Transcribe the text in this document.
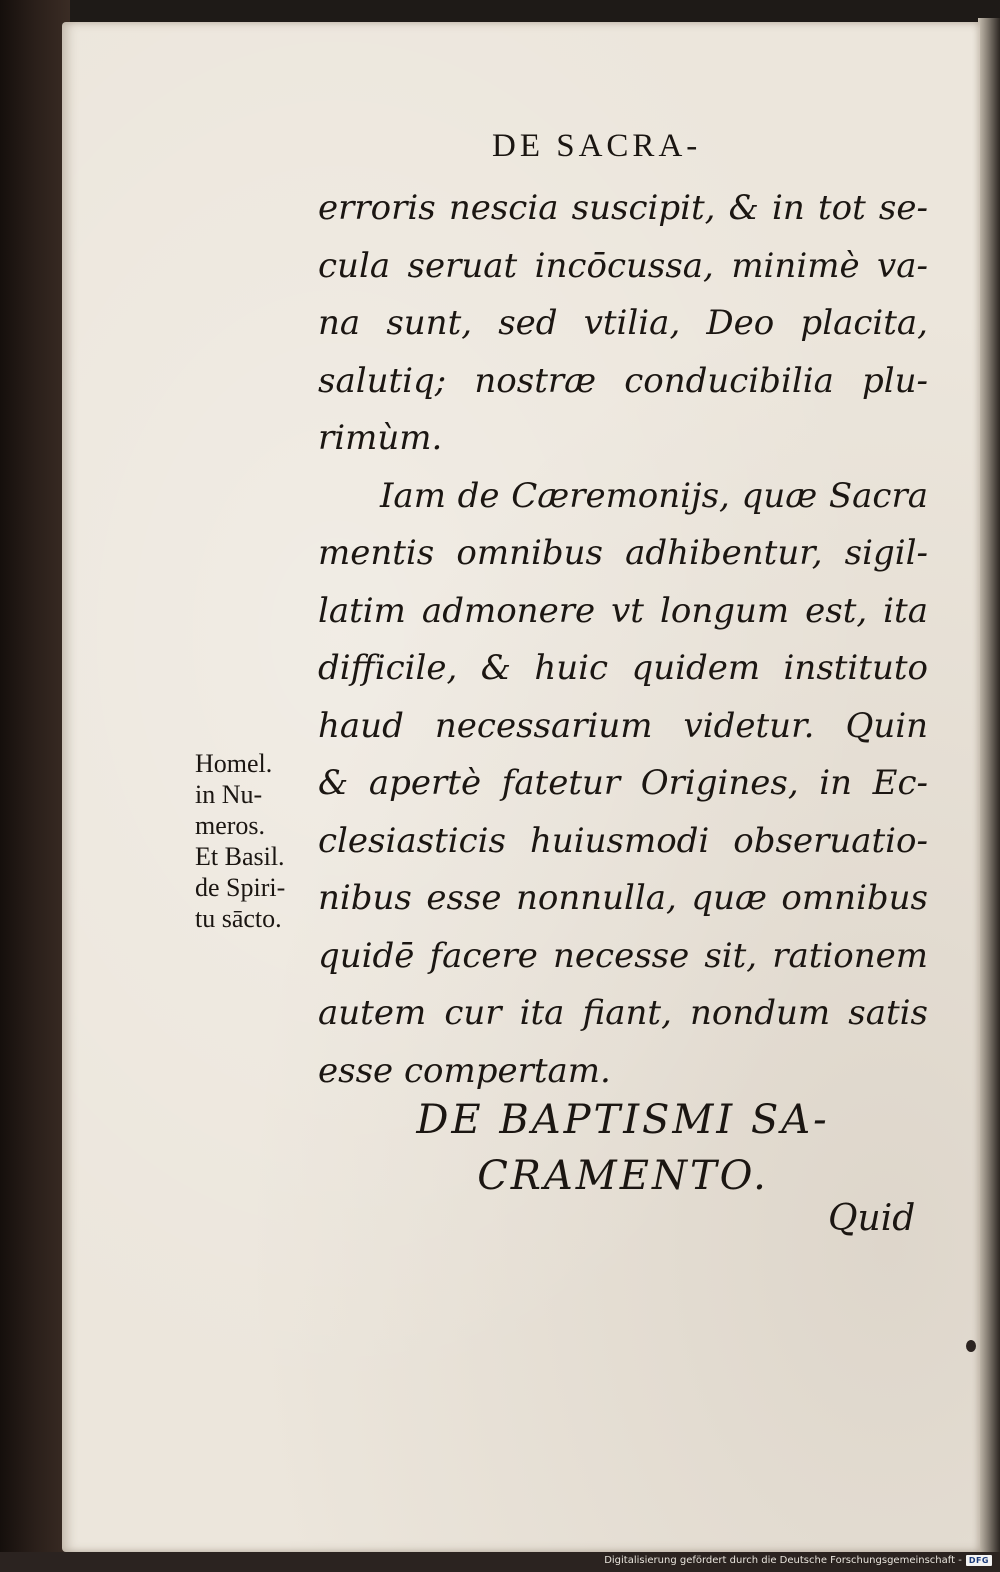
DE SACRA-
erroris nescia suscipit, & in tot se-
cula seruat incōcussa, minimè va-
na sunt, sed vtilia, Deo placita,
salutiq; nostræ conducibilia plu-
rimùm.
Iam de Cæremonijs, quæ Sacra
mentis omnibus adhibentur, sigil-
latim admonere vt longum est, ita
difficile, & huic quidem instituto
haud necessarium videtur. Quin
& apertè fatetur Origines, in Ec-
clesiasticis huiusmodi obseruatio-
nibus esse nonnulla, quæ omnibus
quidē facere necesse sit, rationem
autem cur ita fiant, nondum satis
esse compertam.
Homel.
in Nu-
meros.
Et Basil.
de Spiri-
tu sācto.
DE BAPTISMI SA-
CRAMENTO.
Quid
Digitalisierung gefördert durch die Deutsche Forschungsgemeinschaft - DFG
